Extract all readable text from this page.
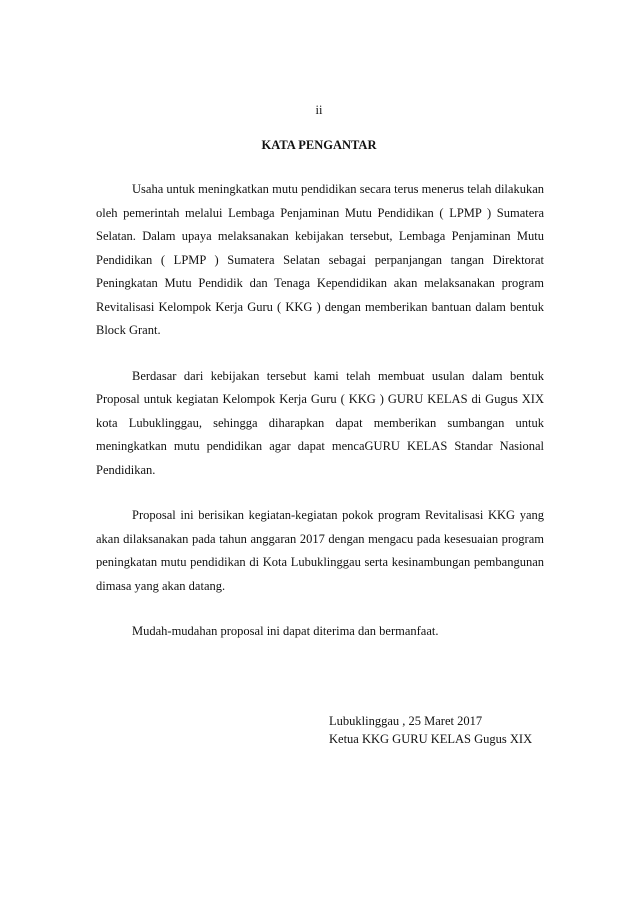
ii
KATA PENGANTAR

Usaha untuk meningkatkan mutu pendidikan secara terus menerus telah dilakukan oleh pemerintah melalui Lembaga Penjaminan Mutu Pendidikan ( LPMP ) Sumatera Selatan. Dalam upaya melaksanakan kebijakan tersebut, Lembaga Penjaminan Mutu Pendidikan ( LPMP ) Sumatera Selatan sebagai perpanjangan tangan Direktorat Peningkatan Mutu Pendidik dan Tenaga Kependidikan akan melaksanakan program Revitalisasi Kelompok Kerja Guru ( KKG ) dengan memberikan bantuan dalam bentuk Block Grant.

Berdasar dari kebijakan tersebut kami telah membuat usulan dalam bentuk Proposal untuk kegiatan Kelompok Kerja Guru ( KKG ) GURU KELAS di Gugus XIX kota Lubuklinggau, sehingga diharapkan dapat memberikan sumbangan untuk meningkatkan mutu pendidikan agar dapat mencaGURU KELAS Standar Nasional Pendidikan.

Proposal ini berisikan kegiatan-kegiatan pokok program Revitalisasi KKG yang akan dilaksanakan pada tahun anggaran 2017 dengan mengacu pada kesesuaian program peningkatan mutu pendidikan di Kota Lubuklinggau serta kesinambungan pembangunan dimasa yang akan datang.

Mudah-mudahan proposal ini dapat diterima dan bermanfaat.

Lubuklinggau , 25 Maret 2017
Ketua KKG GURU KELAS Gugus XIX
